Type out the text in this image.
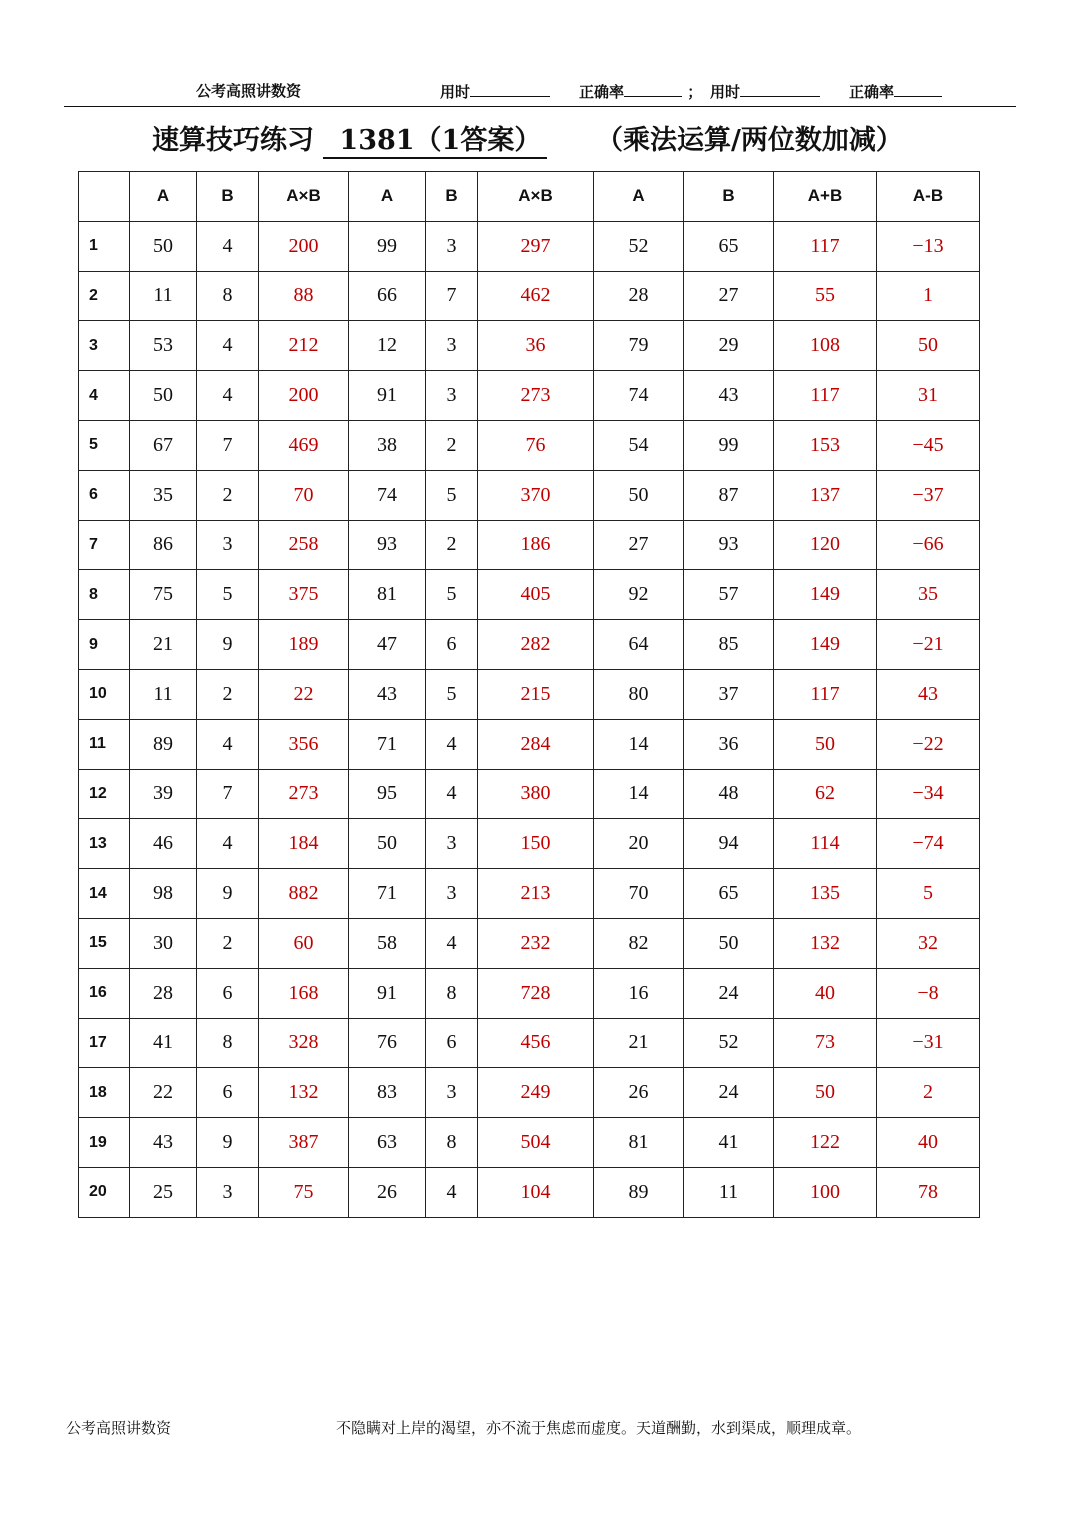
公考高照讲数资	用时	正确率	； 用时	正确率
速算技巧练习 1381（1答案） （乘法运算/两位数加减）
	A	B	A×B	A	B	A×B	A	B	A+B	A-B
1	50	4	200	99	3	297	52	65	117	−13
2	11	8	88	66	7	462	28	27	55	1
3	53	4	212	12	3	36	79	29	108	50
4	50	4	200	91	3	273	74	43	117	31
5	67	7	469	38	2	76	54	99	153	−45
6	35	2	70	74	5	370	50	87	137	−37
7	86	3	258	93	2	186	27	93	120	−66
8	75	5	375	81	5	405	92	57	149	35
9	21	9	189	47	6	282	64	85	149	−21
10	11	2	22	43	5	215	80	37	117	43
11	89	4	356	71	4	284	14	36	50	−22
12	39	7	273	95	4	380	14	48	62	−34
13	46	4	184	50	3	150	20	94	114	−74
14	98	9	882	71	3	213	70	65	135	5
15	30	2	60	58	4	232	82	50	132	32
16	28	6	168	91	8	728	16	24	40	−8
17	41	8	328	76	6	456	21	52	73	−31
18	22	6	132	83	3	249	26	24	50	2
19	43	9	387	63	8	504	81	41	122	40
20	25	3	75	26	4	104	89	11	100	78
公考高照讲数资	不隐瞒对上岸的渴望，亦不流于焦虑而虚度。天道酬勤，水到渠成，顺理成章。
